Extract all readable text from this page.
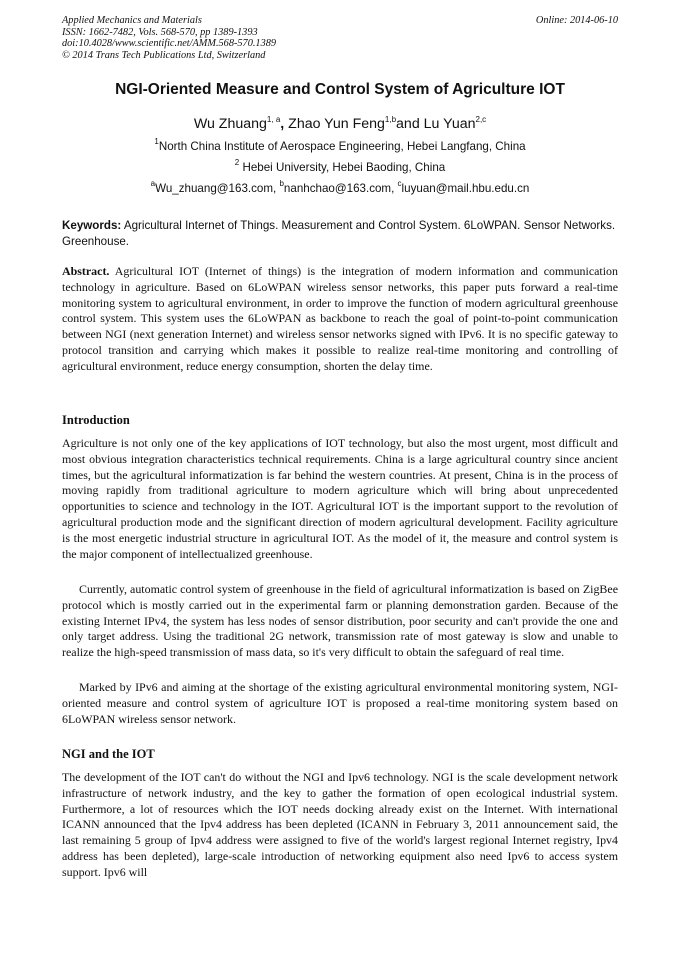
Applied Mechanics and Materials
ISSN: 1662-7482, Vols. 568-570, pp 1389-1393
doi:10.4028/www.scientific.net/AMM.568-570.1389
© 2014 Trans Tech Publications Ltd, Switzerland
Online: 2014-06-10
NGI-Oriented Measure and Control System of Agriculture IOT
Wu Zhuang$^{1, a}$, Zhao Yun Feng$^{1,b}$and Lu Yuan$^{2,c}$
$^1$North China Institute of Aerospace Engineering, Hebei Langfang, China
$^2$ Hebei University, Hebei Baoding, China
$^a$Wu_zhuang@163.com, $^b$nanhchao@163.com, $^c$luyuan@mail.hbu.edu.cn
Keywords: Agricultural Internet of Things. Measurement and Control System. 6LoWPAN. Sensor Networks. Greenhouse.
Abstract. Agricultural IOT (Internet of things) is the integration of modern information and communication technology in agriculture. Based on 6LoWPAN wireless sensor networks, this paper puts forward a real-time monitoring system to agricultural environment, in order to improve the function of modern agricultural greenhouse control system. This system uses the 6LoWPAN as backbone to reach the goal of point-to-point communication between NGI (next generation Internet) and wireless sensor networks signed with IPv6. It is no specific gateway to protocol transition and carrying which makes it possible to realize real-time monitoring and controlling of agricultural environment, reduce energy consumption, shorten the delay time.
Introduction
Agriculture is not only one of the key applications of IOT technology, but also the most urgent, most difficult and most obvious integration characteristics technical requirements. China is a large agricultural country since ancient times, but the agricultural informatization is far behind the western countries. At present, China is in the process of moving rapidly from traditional agriculture to modern agriculture which will bring about unprecedented opportunities to science and technology in the IOT. Agricultural IOT is the important support to the revolution of agricultural production mode and the significant direction of modern agricultural development. Facility agriculture is the most energetic industrial structure in agricultural IOT. As the model of it, the measure and control system is the major component of intellectualized greenhouse.
Currently, automatic control system of greenhouse in the field of agricultural informatization is based on ZigBee protocol which is mostly carried out in the experimental farm or planning demonstration garden. Because of the existing Internet IPv4, the system has less nodes of sensor distribution, poor security and can't provide the one and only target address. Using the traditional 2G network, transmission rate of most gateway is slow and unable to realize the high-speed transmission of mass data, so it's very difficult to obtain the safeguard of real time.
Marked by IPv6 and aiming at the shortage of the existing agricultural environmental monitoring system, NGI-oriented measure and control system of agriculture IOT is proposed a real-time monitoring system based on 6LoWPAN wireless sensor network.
NGI and the IOT
The development of the IOT can't do without the NGI and Ipv6 technology. NGI is the scale development network infrastructure of network industry, and the key to gather the formation of open ecological industrial system. Furthermore, a lot of resources which the IOT needs docking already exist on the Internet. With international ICANN announced that the Ipv4 address has been depleted (ICANN in February 3, 2011 announcement said, the last remaining 5 group of Ipv4 address were assigned to five of the world's largest regional Internet registry, Ipv4 address has been depleted), large-scale introduction of networking equipment also need Ipv6 to access system support. Ipv6 will
